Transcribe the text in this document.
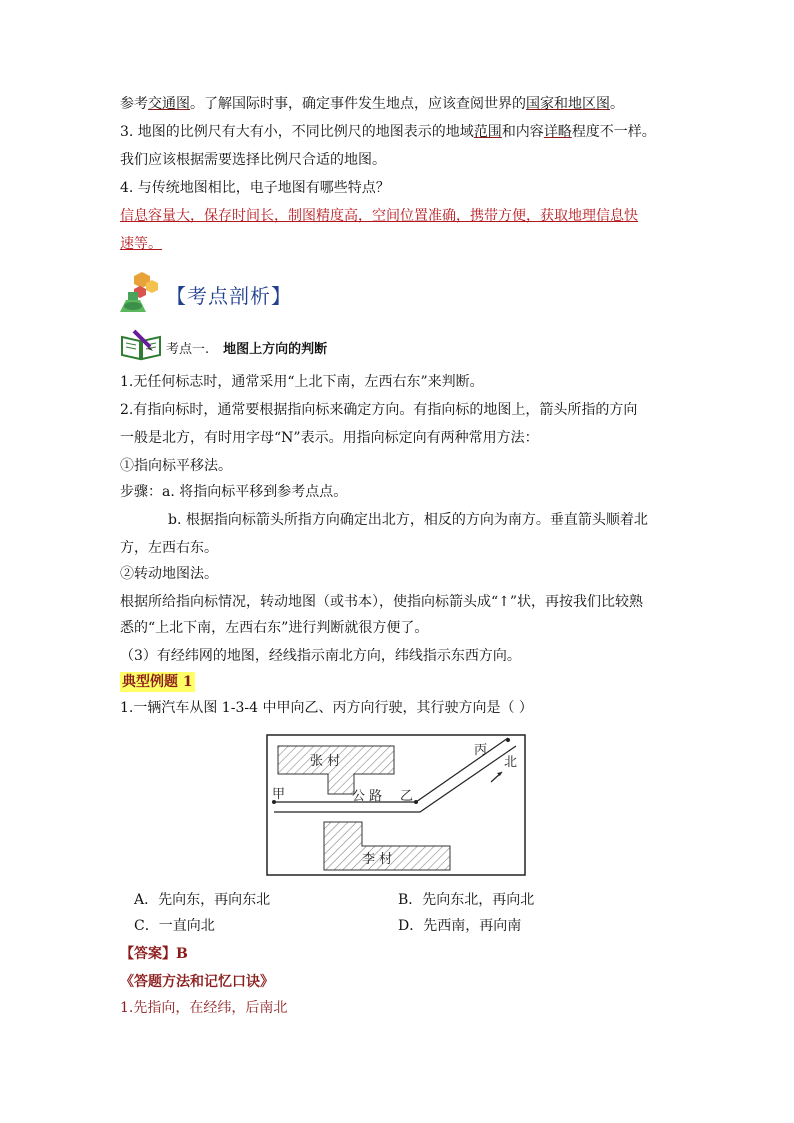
参考交通图。了解国际时事，确定事件发生地点，应该查阅世界的国家和地区图。
3. 地图的比例尺有大有小，不同比例尺的地图表示的地域范围和内容详略程度不一样。
我们应该根据需要选择比例尺合适的地图。
4. 与传统地图相比，电子地图有哪些特点？
信息容量大，保存时间长，制图精度高，空间位置准确，携带方便，获取地理信息快
速等。
【考点剖析】
考点一. 地图上方向的判断
1.无任何标志时，通常采用“上北下南，左西右东”来判断。
2.有指向标时，通常要根据指向标来确定方向。有指向标的地图上，箭头所指的方向
一般是北方，有时用字母“N”表示。用指向标定向有两种常用方法：
①指向标平移法。
步骤：a. 将指向标平移到参考点点。
b. 根据指向标箭头所指方向确定出北方，相反的方向为南方。垂直箭头顺着北
方，左西右东。
②转动地图法。
根据所给指向标情况，转动地图（或书本），使指向标箭头成“↑”状，再按我们比较熟
悉的“上北下南，左西右东”进行判断就很方便了。
（3）有经纬网的地图，经线指示南北方向，纬线指示东西方向。
典型例题 1
1.一辆汽车从图 1-3-4 中甲向乙、丙方向行驶，其行驶方向是（ ）
张 村
李 村
公 路
甲	乙
丙
北
A．先向东，再向东北	B．先向东北，再向北
C．一直向北	D．先西南，再向南
【答案】B
《答题方法和记忆口诀》
1.先指向，在经纬，后南北
